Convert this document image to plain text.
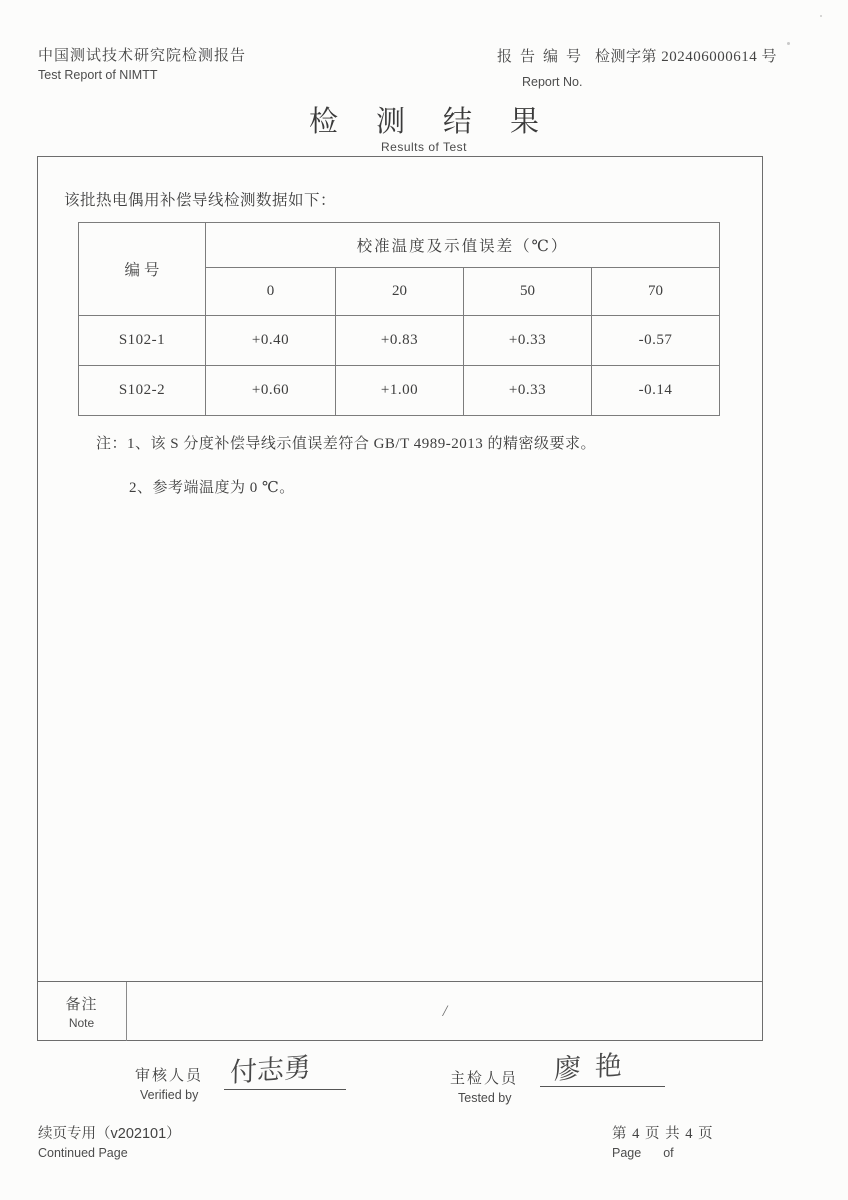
中国测试技术研究院检测报告
Test Report of NIMTT
报告编号 检测字第 202406000614 号
Report No.
检测结果
Results of Test
该批热电偶用补偿导线检测数据如下：
编号	校准温度及示值误差（℃）			
	0	20	50	70
S102-1	+0.40	+0.83	+0.33	-0.57
S102-2	+0.60	+1.00	+0.33	-0.14
注：1、该 S 分度补偿导线示值误差符合 GB/T 4989-2013 的精密级要求。
2、参考端温度为 0 ℃。
备注
Note
/
审核人员
Verified by
付志勇	主检人员
Tested by
廖艳
续页专用（v202101）
Continued Page
第 4 页 共 4 页
Page of
